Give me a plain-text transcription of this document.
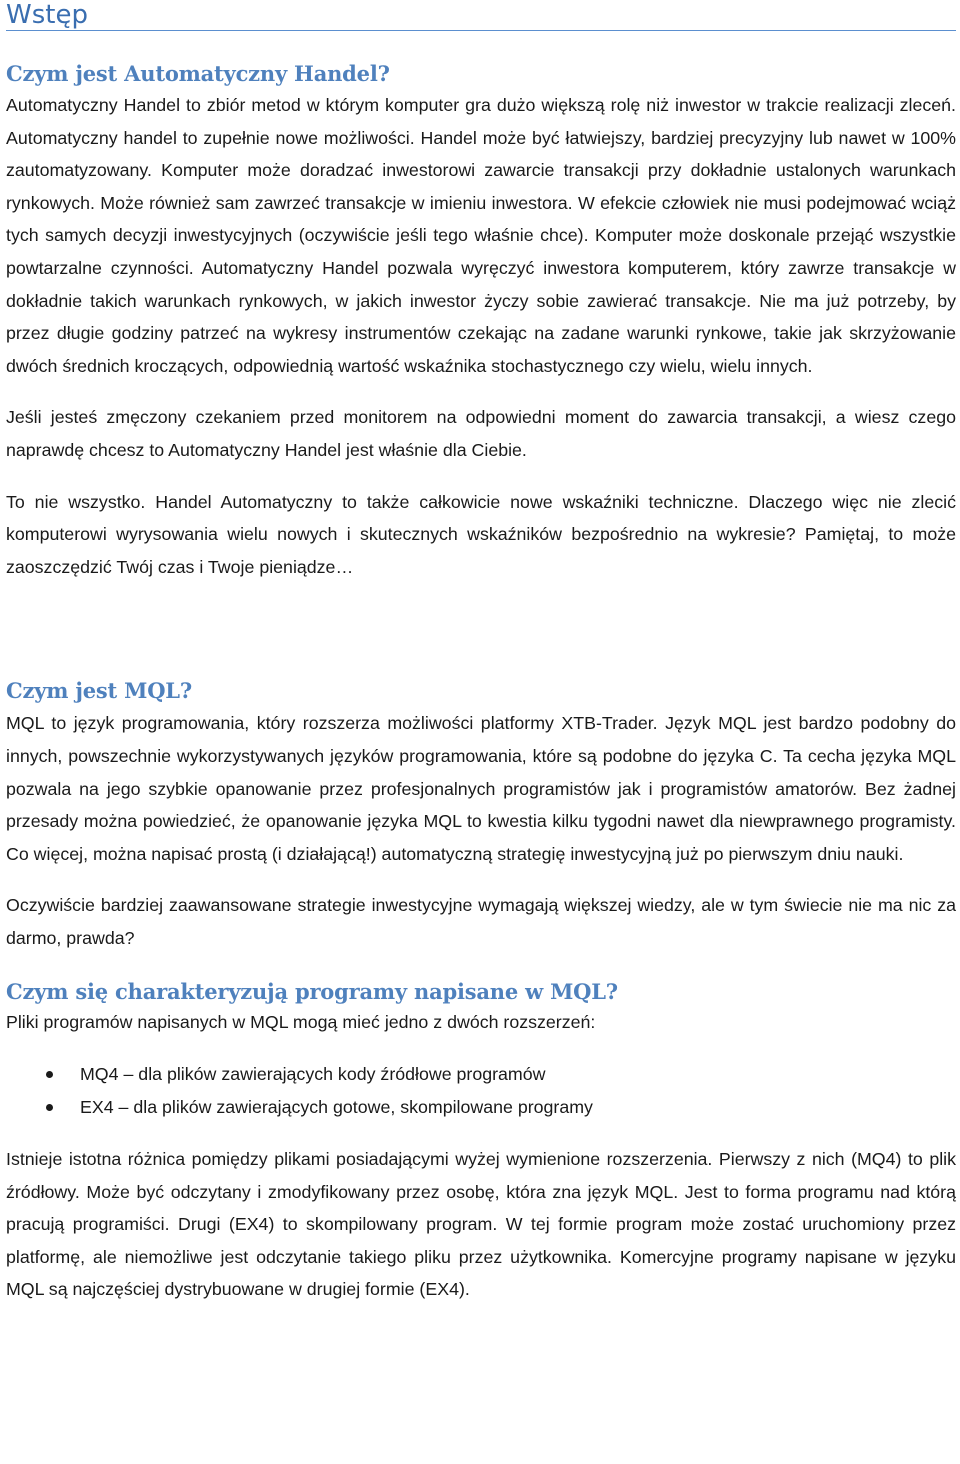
Wstęp
Czym jest Automatyczny Handel?

Automatyczny Handel to zbiór metod w którym komputer gra dużo większą rolę niż inwestor w trakcie realizacji zleceń. Automatyczny handel to zupełnie nowe możliwości. Handel może być łatwiejszy, bardziej precyzyjny lub nawet w 100% zautomatyzowany. Komputer może doradzać inwestorowi zawarcie transakcji przy dokładnie ustalonych warunkach rynkowych. Może również sam zawrzeć transakcje w imieniu inwestora. W efekcie człowiek nie musi podejmować wciąż tych samych decyzji inwestycyjnych (oczywiście jeśli tego właśnie chce). Komputer może doskonale przejąć wszystkie powtarzalne czynności. Automatyczny Handel pozwala wyręczyć inwestora komputerem, który zawrze transakcje w dokładnie takich warunkach rynkowych, w jakich inwestor życzy sobie zawierać transakcje. Nie ma już potrzeby, by przez długie godziny patrzeć na wykresy instrumentów czekając na zadane warunki rynkowe, takie jak skrzyżowanie dwóch średnich kroczących, odpowiednią wartość wskaźnika stochastycznego czy wielu, wielu innych.

Jeśli jesteś zmęczony czekaniem przed monitorem na odpowiedni moment do zawarcia transakcji, a wiesz czego naprawdę chcesz to Automatyczny Handel jest właśnie dla Ciebie.

To nie wszystko. Handel Automatyczny to także całkowicie nowe wskaźniki techniczne. Dlaczego więc nie zlecić komputerowi wyrysowania wielu nowych i skutecznych wskaźników bezpośrednio na wykresie? Pamiętaj, to może zaoszczędzić Twój czas i Twoje pieniądze…

Czym jest MQL?

MQL to język programowania, który rozszerza możliwości platformy XTB-Trader. Język MQL jest bardzo podobny do innych, powszechnie wykorzystywanych języków programowania, które są podobne do języka C. Ta cecha języka MQL pozwala na jego szybkie opanowanie przez profesjonalnych programistów jak i programistów amatorów. Bez żadnej przesady można powiedzieć, że opanowanie języka MQL to kwestia kilku tygodni nawet dla niewprawnego programisty. Co więcej, można napisać prostą (i działającą!) automatyczną strategię inwestycyjną już po pierwszym dniu nauki.

Oczywiście bardziej zaawansowane strategie inwestycyjne wymagają większej wiedzy, ale w tym świecie nie ma nic za darmo, prawda?

Czym się charakteryzują programy napisane w MQL?

Pliki programów napisanych w MQL mogą mieć jedno z dwóch rozszerzeń:

MQ4 – dla plików zawierających kody źródłowe programów
EX4 – dla plików zawierających gotowe, skompilowane programy

Istnieje istotna różnica pomiędzy plikami posiadającymi wyżej wymienione rozszerzenia. Pierwszy z nich (MQ4) to plik źródłowy. Może być odczytany i zmodyfikowany przez osobę, która zna język MQL. Jest to forma programu nad którą pracują programiści. Drugi (EX4) to skompilowany program. W tej formie program może zostać uruchomiony przez platformę, ale niemożliwe jest odczytanie takiego pliku przez użytkownika. Komercyjne programy napisane w języku MQL są najczęściej dystrybuowane w drugiej formie (EX4).
